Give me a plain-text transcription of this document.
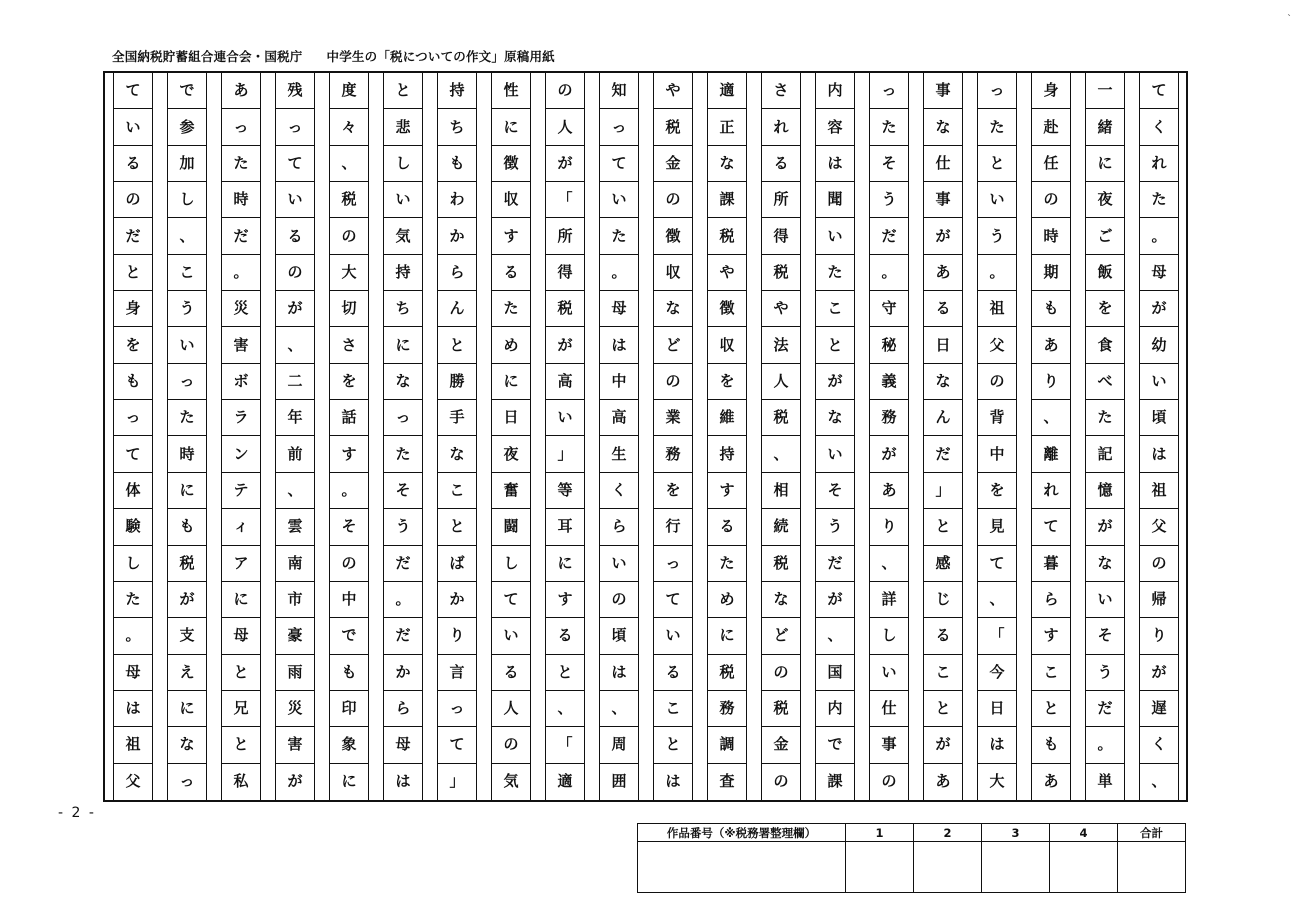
`
全国納税貯蓄組合連合会・国税庁 中学生の「税についての作文」原稿用紙
て
い
る
の
だ
と
身
を
も
っ
て
体
験
し
た
。
母
は
祖
父
で
参
加
し
、
こ
う
い
っ
た
時
に
も
税
が
支
え
に
な
っ
あ
っ
た
時
だ
。
災
害
ボ
ラ
ン
テ
ィ
ア
に
母
と
兄
と
私
残
っ
て
い
る
の
が
、
二
年
前
、
雲
南
市
豪
雨
災
害
が
度
々
、
税
の
大
切
さ
を
話
す
。
そ
の
中
で
も
印
象
に
と
悲
し
い
気
持
ち
に
な
っ
た
そ
う
だ
。
だ
か
ら
母
は
持
ち
も
わ
か
ら
ん
と
勝
手
な
こ
と
ば
か
り
言
っ
て
」
性
に
徴
収
す
る
た
め
に
日
夜
奮
闘
し
て
い
る
人
の
気
の
人
が
「
所
得
税
が
高
い
」
等
耳
に
す
る
と
、
「
適
知
っ
て
い
た
。
母
は
中
高
生
く
ら
い
の
頃
は
、
周
囲
や
税
金
の
徴
収
な
ど
の
業
務
を
行
っ
て
い
る
こ
と
は
適
正
な
課
税
や
徴
収
を
維
持
す
る
た
め
に
税
務
調
査
さ
れ
る
所
得
税
や
法
人
税
、
相
続
税
な
ど
の
税
金
の
内
容
は
聞
い
た
こ
と
が
な
い
そ
う
だ
が
、
国
内
で
課
っ
た
そ
う
だ
。
守
秘
義
務
が
あ
り
、
詳
し
い
仕
事
の
事
な
仕
事
が
あ
る
日
な
ん
だ
」
と
感
じ
る
こ
と
が
あ
っ
た
と
い
う
。
祖
父
の
背
中
を
見
て
、
「
今
日
は
大
身
赴
任
の
時
期
も
あ
り
、
離
れ
て
暮
ら
す
こ
と
も
あ
一
緒
に
夜
ご
飯
を
食
べ
た
記
憶
が
な
い
そ
う
だ
。
単
て
く
れ
た
。
母
が
幼
い
頃
は
祖
父
の
帰
り
が
遅
く
、
- 2 -
作品番号（※税務署整理欄）	1	2	3	4	合計
